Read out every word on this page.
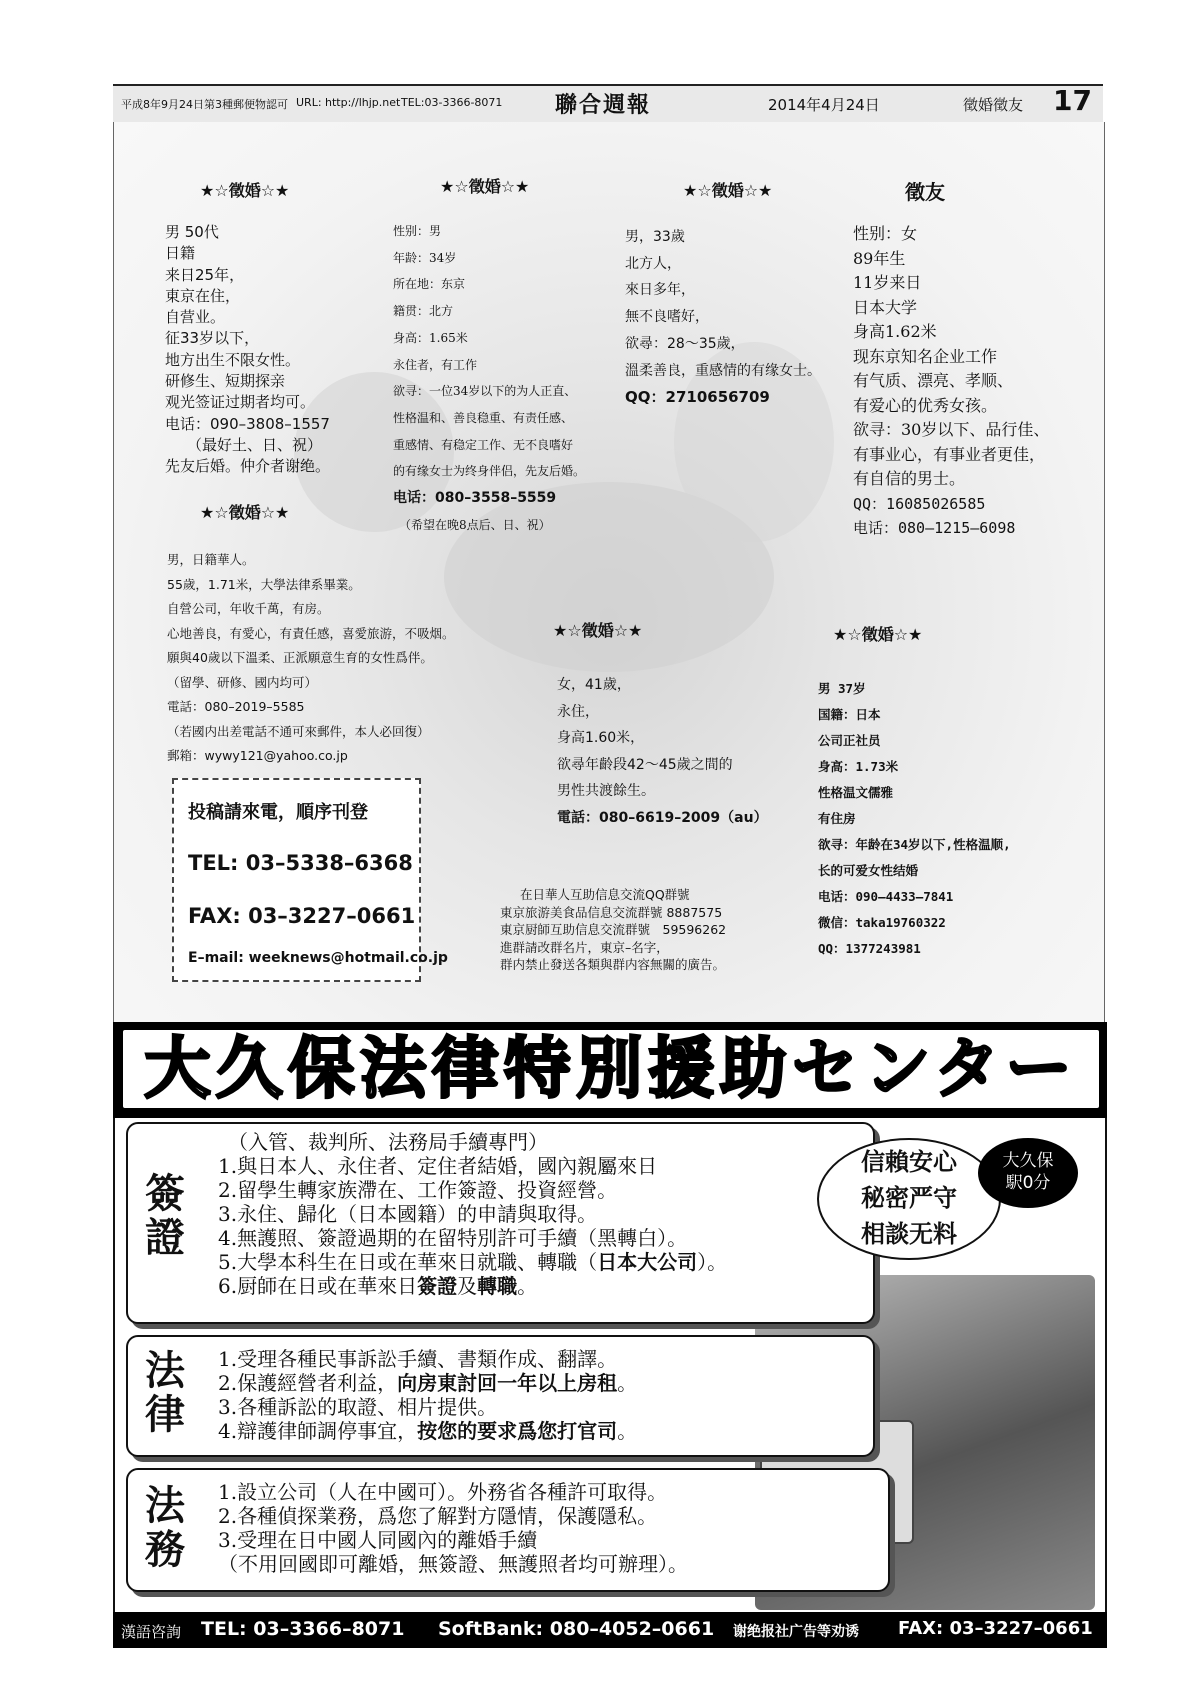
平成8年9月24日第3種郵便物認可 URL: http://lhjp.net TEL:03-3366-8071 聯合週報	2014年4月24日	徵婚徵友 17
★☆徵婚☆★
男 50代
日籍
来日25年，
東京在住，
自营业。
征33岁以下，
地方出生不限女性。
研修生、短期探亲
观光签证过期者均可。
电话：090–3808–1557
（最好土、日、祝）
先友后婚。仲介者谢绝。
★☆徵婚☆★
性别：男
年龄：34岁
所在地：东京
籍贯：北方
身高：1.65米
永住者，有工作
欲寻：一位34岁以下的为人正直、
性格温和、善良稳重、有责任感、
重感情、有稳定工作、无不良嗜好
的有缘女士为终身伴侣，先友后婚。
电话：080–3558–5559
（希望在晚8点后、日、祝）
★☆徵婚☆★
男，33歲
北方人，
來日多年，
無不良嗜好，
欲尋：28～35歲，
溫柔善良，重感情的有缘女士。
QQ：2710656709
徵友
性别：女
89年生
11岁来日
日本大学
身高1.62米
现东京知名企业工作
有气质、漂亮、孝顺、
有爱心的优秀女孩。
欲寻：30岁以下、品行佳、
有事业心，有事业者更佳，
有自信的男士。
QQ：16085026585
电话：080–1215–6098
★☆徵婚☆★
男，日籍華人。
55歲，1.71米，大學法律系畢業。
自營公司，年收千萬，有房。
心地善良，有愛心，有責任感，喜愛旅游，不吸烟。
願與40歲以下溫柔、正派願意生育的女性爲伴。
（留學、研修、國内均可）
電話：080–2019–5585
（若國内出差電話不通可來郵件，本人必回復）
郵箱：wywy121@yahoo.co.jp
★☆徵婚☆★
女，41歲，
永住，
身高1.60米，
欲尋年齡段42～45歲之間的
男性共渡餘生。
電話：080–6619–2009（au）
★☆徵婚☆★
男 37岁
国籍：日本
公司正社员
身高：1.73米
性格温文儒雅
有住房
欲寻：年龄在34岁以下,性格温顺,
长的可爱女性结婚
电话：090–4433–7841
微信：taka19760322
QQ：1377243981
投稿請來電，順序刊登
TEL: 03–5338–6368
FAX: 03–3227–0661
E–mail: weeknews@hotmail.co.jp
在日華人互助信息交流QQ群號
東京旅游美食品信息交流群號 8887575
東京厨師互助信息交流群號　59596262
進群請改群名片，東京–名字，
群内禁止發送各類與群内容無關的廣告。
大久保法律特別援助センター
簽
證
（入管、裁判所、法務局手續專門）
1.與日本人、永住者、定住者結婚，國內親屬來日
2.留學生轉家族滯在、工作簽證、投資經營。
3.永住、歸化（日本國籍）的申請與取得。
4.無護照、簽證過期的在留特別許可手續（黑轉白）。
5.大學本科生在日或在華來日就職、轉職（日本大公司）。
6.厨師在日或在華來日簽證及轉職。
法
律
1.受理各種民事訴訟手續、書類作成、翻譯。
2.保護經營者利益，向房東討回一年以上房租。
3.各種訴訟的取證、相片提供。
4.辯護律師調停事宜，按您的要求爲您打官司。
法
務
1.設立公司（人在中國可）。外務省各種許可取得。
2.各種偵探業務，爲您了解對方隱情，保護隱私。
3.受理在日中國人同國內的離婚手續
（不用回國即可離婚，無簽證、無護照者均可辦理）。
信賴安心
秘密严守
相談无料
大久保
駅0分
漢語咨詢 TEL: 03–3366–8071 SoftBank: 080–4052–0661 谢绝报社广告等劝诱 FAX: 03–3227–0661
